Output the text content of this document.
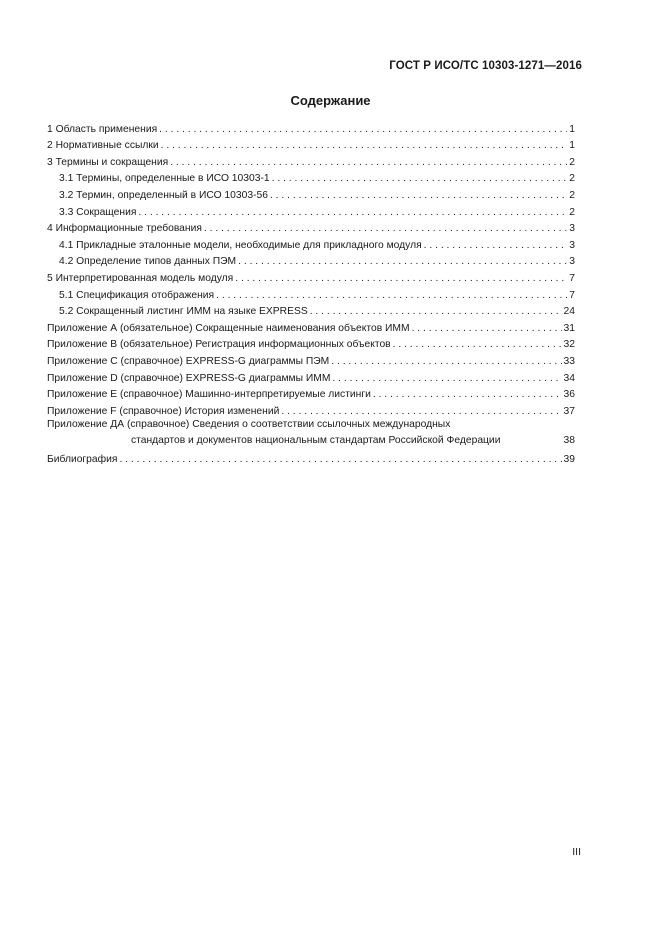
ГОСТ Р ИСО/ТС 10303-1271—2016
Содержание
1 Область применения . . .	1
2 Нормативные ссылки . . .	1
3 Термины и сокращения . . .	2
3.1 Термины, определенные в ИСО 10303-1 . . .	2
3.2 Термин, определенный в ИСО 10303-56 . . .	2
3.3 Сокращения . . .	2
4 Информационные требования . . .	3
4.1 Прикладные эталонные модели, необходимые для прикладного модуля . . .	3
4.2 Определение типов данных ПЭМ . . .	3
5 Интерпретированная модель модуля . . .	7
5.1 Спецификация отображения . . .	7
5.2 Сокращенный листинг ИММ на языке EXPRESS . . .	24
Приложение А (обязательное) Сокращенные наименования объектов ИММ . . .	31
Приложение В (обязательное) Регистрация информационных объектов . . .	32
Приложение С (справочное) EXPRESS-G диаграммы ПЭМ . . .	33
Приложение D (справочное) EXPRESS-G диаграммы ИММ . . .	34
Приложение Е (справочное) Машинно-интерпретируемые листинги . . .	36
Приложение F (справочное) История изменений . . .	37
Приложение ДА (справочное) Сведения о соответствии ссылочных международных
стандартов и документов национальным стандартам Российской Федерации	38
Библиография . . .	39
III
